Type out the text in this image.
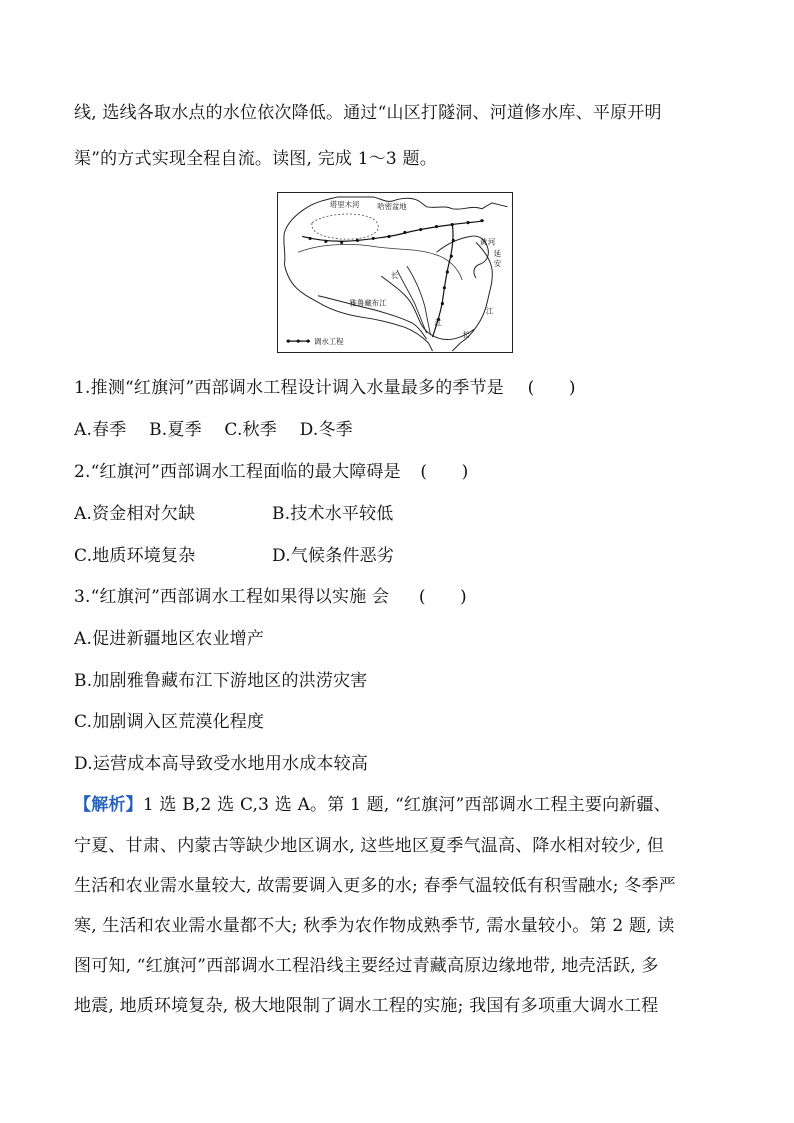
线, 选线各取水点的水位依次降低。通过“山区打隧洞、河道修水库、平原开明
渠”的方式实现全程自流。读图, 完成 1～3 题。
塔里木河 哈密盆地
黄 河
延
安
长
雅鲁藏布江
江
江
长
调水工程
1.推测“红旗河”西部调水工程设计调入水量最多的季节是 (　　)
A.春季 B.夏季 C.秋季 D.冬季
2.“红旗河”西部调水工程面临的最大障碍是 (　　)
A.资金相对欠缺	B.技术水平较低
C.地质环境复杂	D.气候条件恶劣
3.“红旗河”西部调水工程如果得以实施 会 (　　)
A.促进新疆地区农业增产
B.加剧雅鲁藏布江下游地区的洪涝灾害
C.加剧调入区荒漠化程度
D.运营成本高导致受水地用水成本较高
【解析】1 选 B,2 选 C,3 选 A。第 1 题, “红旗河”西部调水工程主要向新疆、
宁夏、甘肃、内蒙古等缺少地区调水, 这些地区夏季气温高、降水相对较少, 但
生活和农业需水量较大, 故需要调入更多的水; 春季气温较低有积雪融水; 冬季严
寒, 生活和农业需水量都不大; 秋季为农作物成熟季节, 需水量较小。第 2 题, 读
图可知, “红旗河”西部调水工程沿线主要经过青藏高原边缘地带, 地壳活跃, 多
地震, 地质环境复杂, 极大地限制了调水工程的实施; 我国有多项重大调水工程
